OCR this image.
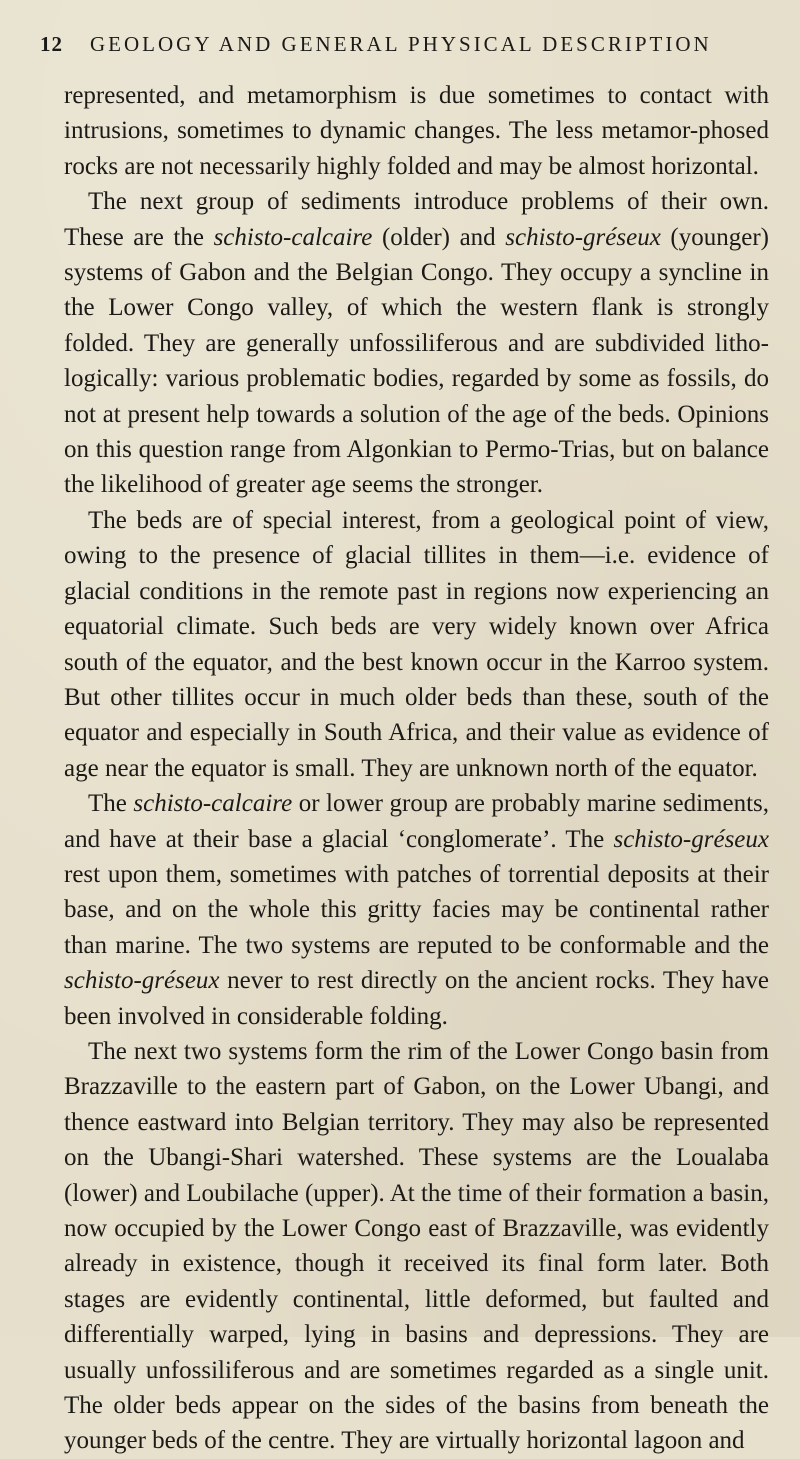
12 GEOLOGY AND GENERAL PHYSICAL DESCRIPTION

represented, and metamorphism is due sometimes to contact with intrusions, sometimes to dynamic changes. The less metamor-phosed rocks are not necessarily highly folded and may be almost horizontal.

The next group of sediments introduce problems of their own. These are the schisto-calcaire (older) and schisto-gréseux (younger) systems of Gabon and the Belgian Congo. They occupy a syncline in the Lower Congo valley, of which the western flank is strongly folded. They are generally unfossiliferous and are subdivided litho-logically: various problematic bodies, regarded by some as fossils, do not at present help towards a solution of the age of the beds. Opinions on this question range from Algonkian to Permo-Trias, but on balance the likelihood of greater age seems the stronger.

The beds are of special interest, from a geological point of view, owing to the presence of glacial tillites in them—i.e. evidence of glacial conditions in the remote past in regions now experiencing an equatorial climate. Such beds are very widely known over Africa south of the equator, and the best known occur in the Karroo system. But other tillites occur in much older beds than these, south of the equator and especially in South Africa, and their value as evidence of age near the equator is small. They are unknown north of the equator.

The schisto-calcaire or lower group are probably marine sediments, and have at their base a glacial ‘conglomerate’. The schisto-gréseux rest upon them, sometimes with patches of torrential deposits at their base, and on the whole this gritty facies may be continental rather than marine. The two systems are reputed to be conformable and the schisto-gréseux never to rest directly on the ancient rocks. They have been involved in considerable folding.

The next two systems form the rim of the Lower Congo basin from Brazzaville to the eastern part of Gabon, on the Lower Ubangi, and thence eastward into Belgian territory. They may also be represented on the Ubangi-Shari watershed. These systems are the Loualaba (lower) and Loubilache (upper). At the time of their formation a basin, now occupied by the Lower Congo east of Brazzaville, was evidently already in existence, though it received its final form later. Both stages are evidently continental, little deformed, but faulted and differentially warped, lying in basins and depressions. They are usually unfossiliferous and are sometimes regarded as a single unit. The older beds appear on the sides of the basins from beneath the younger beds of the centre. They are virtually horizontal lagoon and
